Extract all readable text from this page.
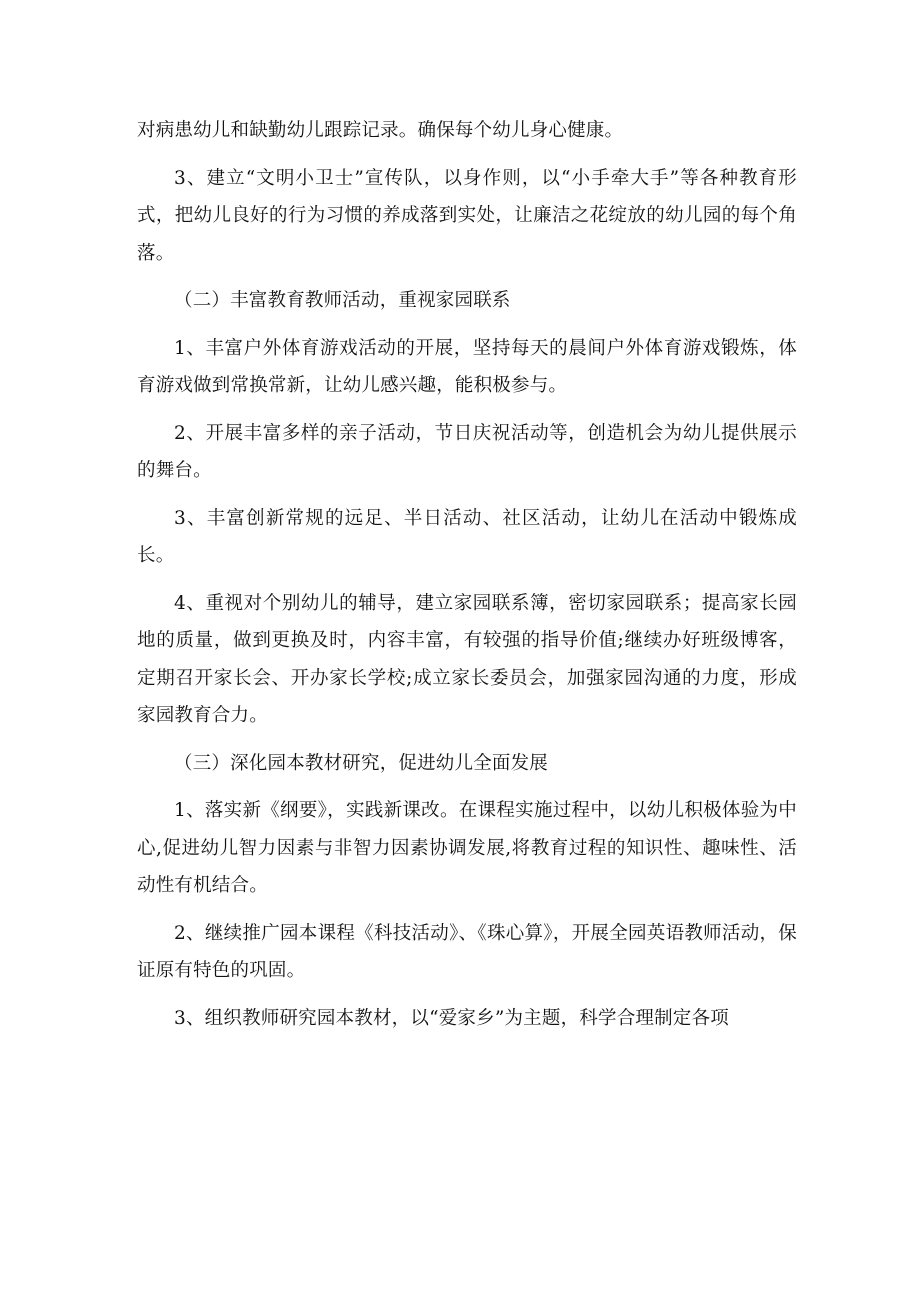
对病患幼儿和缺勤幼儿跟踪记录。确保每个幼儿身心健康。

3、建立“文明小卫士”宣传队，以身作则，以“小手牵大手”等各种教育形式，把幼儿良好的行为习惯的养成落到实处，让廉洁之花绽放的幼儿园的每个角落。

（二）丰富教育教师活动，重视家园联系

1、丰富户外体育游戏活动的开展，坚持每天的晨间户外体育游戏锻炼，体育游戏做到常换常新，让幼儿感兴趣，能积极参与。

2、开展丰富多样的亲子活动，节日庆祝活动等，创造机会为幼儿提供展示的舞台。

3、丰富创新常规的远足、半日活动、社区活动，让幼儿在活动中锻炼成长。

4、重视对个别幼儿的辅导，建立家园联系簿，密切家园联系；提高家长园地的质量，做到更换及时，内容丰富，有较强的指导价值;继续办好班级博客，定期召开家长会、开办家长学校;成立家长委员会，加强家园沟通的力度，形成家园教育合力。

（三）深化园本教材研究，促进幼儿全面发展

1、落实新《纲要》，实践新课改。在课程实施过程中，以幼儿积极体验为中心,促进幼儿智力因素与非智力因素协调发展,将教育过程的知识性、趣味性、活动性有机结合。

2、继续推广园本课程《科技活动》、《珠心算》，开展全园英语教师活动，保证原有特色的巩固。

3、组织教师研究园本教材，以“爱家乡”为主题，科学合理制定各项
